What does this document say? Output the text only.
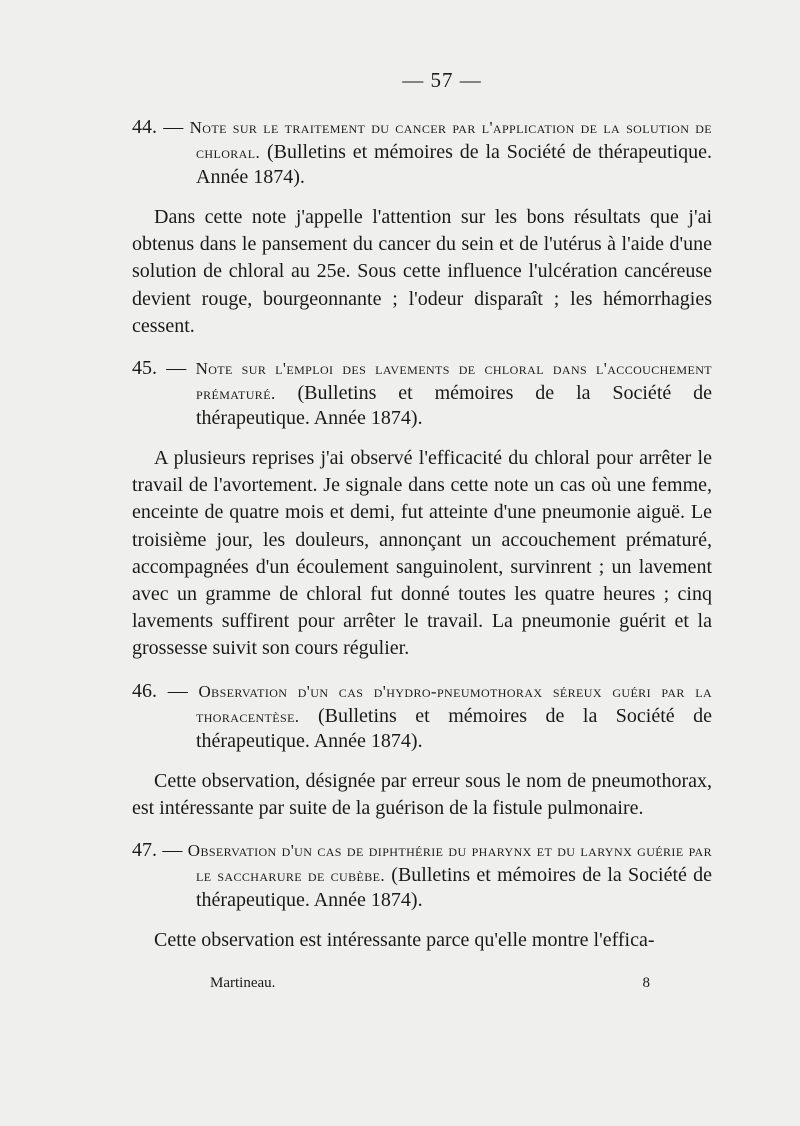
— 57 —
44. — Note sur le traitement du cancer par l'application de la solution de chloral. (Bulletins et mémoires de la Société de thérapeutique. Année 1874).
Dans cette note j'appelle l'attention sur les bons résultats que j'ai obtenus dans le pansement du cancer du sein et de l'utérus à l'aide d'une solution de chloral au 25e. Sous cette influence l'ulcération cancéreuse devient rouge, bourgeonnante ; l'odeur disparaît ; les hémorrhagies cessent.
45. — Note sur l'emploi des lavements de chloral dans l'accouchement prématuré. (Bulletins et mémoires de la Société de thérapeutique. Année 1874).
A plusieurs reprises j'ai observé l'efficacité du chloral pour arrêter le travail de l'avortement. Je signale dans cette note un cas où une femme, enceinte de quatre mois et demi, fut atteinte d'une pneumonie aiguë. Le troisième jour, les douleurs, annonçant un accouchement prématuré, accompagnées d'un écoulement sanguinolent, survinrent ; un lavement avec un gramme de chloral fut donné toutes les quatre heures ; cinq lavements suffirent pour arrêter le travail. La pneumonie guérit et la grossesse suivit son cours régulier.
46. — Observation d'un cas d'hydro-pneumothorax séreux guéri par la thoracentèse. (Bulletins et mémoires de la Société de thérapeutique. Année 1874).
Cette observation, désignée par erreur sous le nom de pneumothorax, est intéressante par suite de la guérison de la fistule pulmonaire.
47. — Observation d'un cas de diphthérie du pharynx et du larynx guérie par le saccharure de cubèbe. (Bulletins et mémoires de la Société de thérapeutique. Année 1874).
Cette observation est intéressante parce qu'elle montre l'effica-
Martineau.	8
